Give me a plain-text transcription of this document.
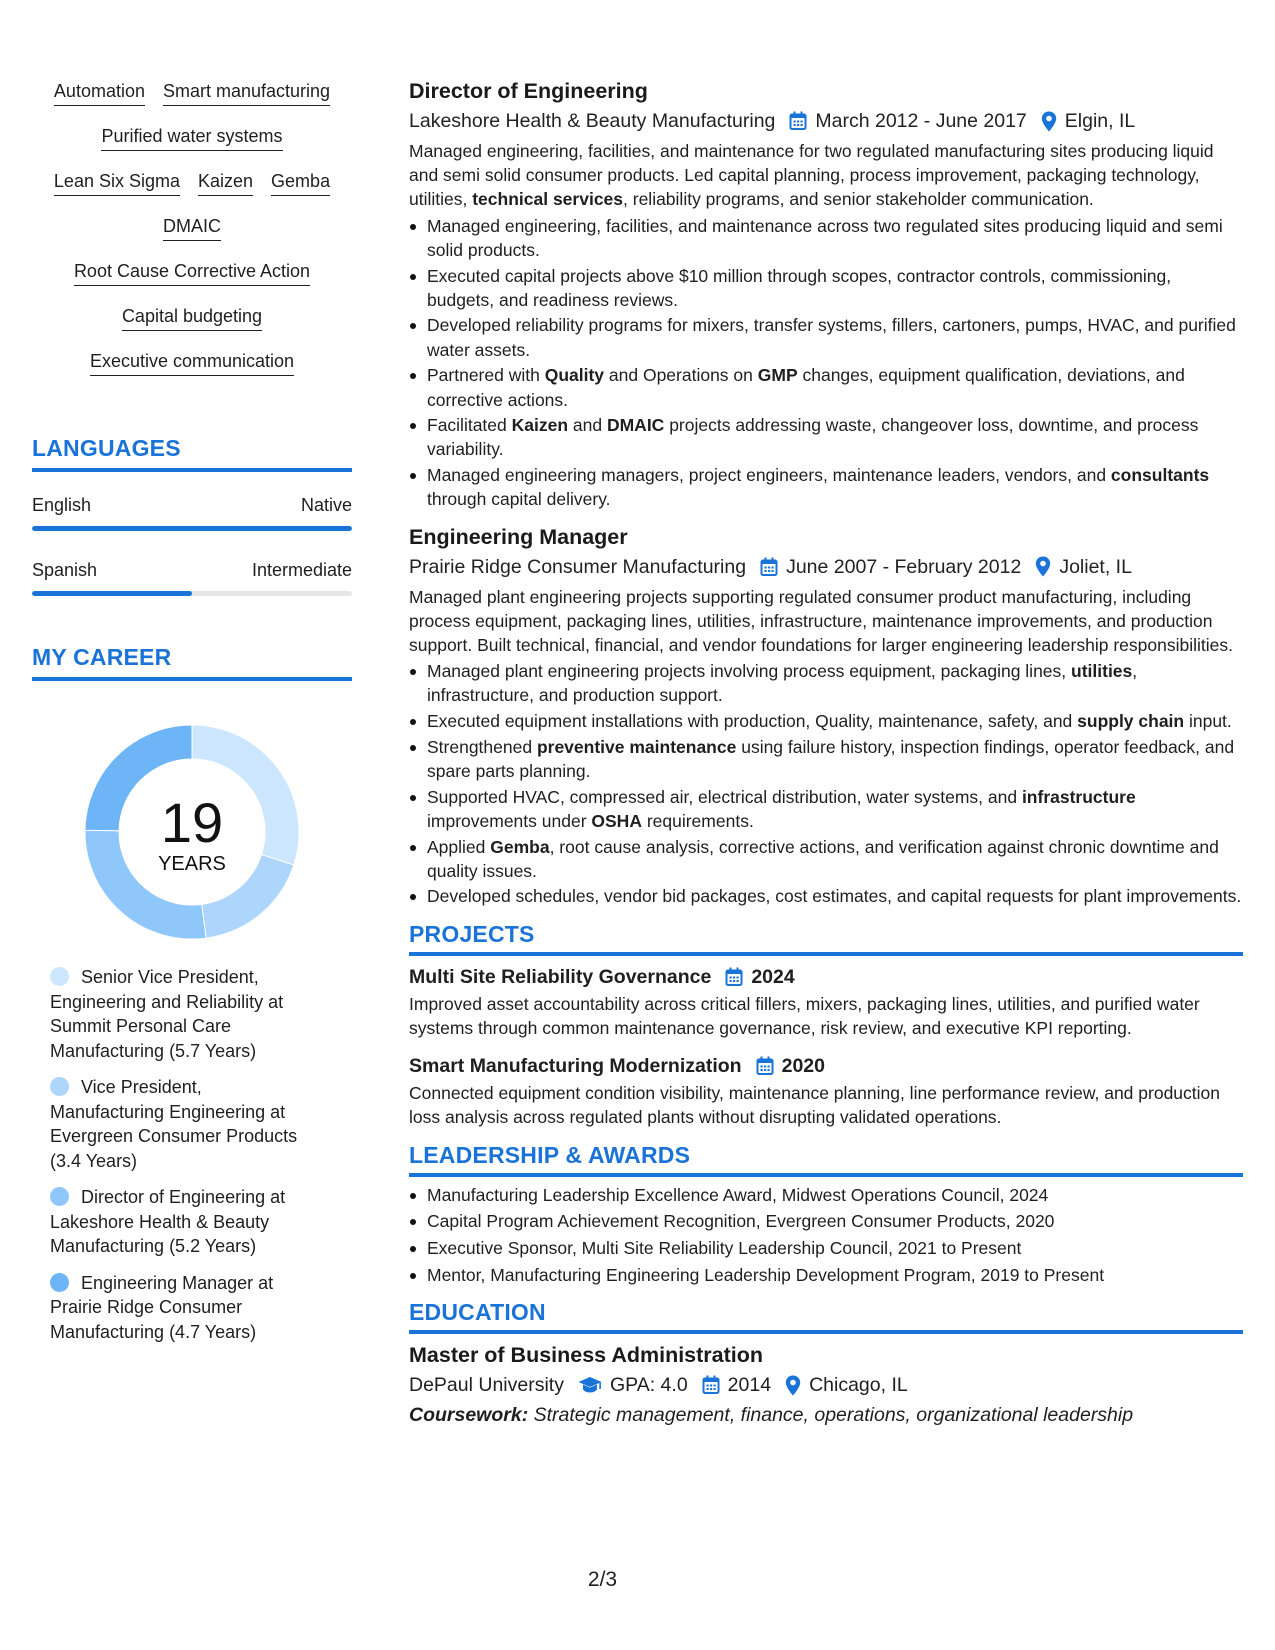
Automation Smart manufacturing
Purified water systems
Lean Six Sigma Kaizen Gemba
DMAIC
Root Cause Corrective Action
Capital budgeting
Executive communication
LANGUAGES
English	Native
Spanish	Intermediate
MY CAREER
19
YEARS
Senior Vice President, Engineering and Reliability at Summit Personal Care Manufacturing (5.7 Years)
Vice President, Manufacturing Engineering at Evergreen Consumer Products (3.4 Years)
Director of Engineering at Lakeshore Health & Beauty Manufacturing (5.2 Years)
Engineering Manager at Prairie Ridge Consumer Manufacturing (4.7 Years)
Director of Engineering
Lakeshore Health & Beauty Manufacturing March 2012 - June 2017 Elgin, IL
Managed engineering, facilities, and maintenance for two regulated manufacturing sites producing liquid and semi solid consumer products. Led capital planning, process improvement, packaging technology, utilities, technical services, reliability programs, and senior stakeholder communication.
Managed engineering, facilities, and maintenance across two regulated sites producing liquid and semi solid products.
Executed capital projects above $10 million through scopes, contractor controls, commissioning, budgets, and readiness reviews.
Developed reliability programs for mixers, transfer systems, fillers, cartoners, pumps, HVAC, and purified water assets.
Partnered with Quality and Operations on GMP changes, equipment qualification, deviations, and corrective actions.
Facilitated Kaizen and DMAIC projects addressing waste, changeover loss, downtime, and process variability.
Managed engineering managers, project engineers, maintenance leaders, vendors, and consultants through capital delivery.
Engineering Manager
Prairie Ridge Consumer Manufacturing June 2007 - February 2012 Joliet, IL
Managed plant engineering projects supporting regulated consumer product manufacturing, including process equipment, packaging lines, utilities, infrastructure, maintenance improvements, and production support. Built technical, financial, and vendor foundations for larger engineering leadership responsibilities.
Managed plant engineering projects involving process equipment, packaging lines, utilities, infrastructure, and production support.
Executed equipment installations with production, Quality, maintenance, safety, and supply chain input.
Strengthened preventive maintenance using failure history, inspection findings, operator feedback, and spare parts planning.
Supported HVAC, compressed air, electrical distribution, water systems, and infrastructure improvements under OSHA requirements.
Applied Gemba, root cause analysis, corrective actions, and verification against chronic downtime and quality issues.
Developed schedules, vendor bid packages, cost estimates, and capital requests for plant improvements.
PROJECTS
Multi Site Reliability Governance 2024
Improved asset accountability across critical fillers, mixers, packaging lines, utilities, and purified water systems through common maintenance governance, risk review, and executive KPI reporting.
Smart Manufacturing Modernization 2020
Connected equipment condition visibility, maintenance planning, line performance review, and production loss analysis across regulated plants without disrupting validated operations.
LEADERSHIP & AWARDS
Manufacturing Leadership Excellence Award, Midwest Operations Council, 2024
Capital Program Achievement Recognition, Evergreen Consumer Products, 2020
Executive Sponsor, Multi Site Reliability Leadership Council, 2021 to Present
Mentor, Manufacturing Engineering Leadership Development Program, 2019 to Present
EDUCATION
Master of Business Administration
DePaul University GPA: 4.0 2014 Chicago, IL
Coursework: Strategic management, finance, operations, organizational leadership
2/3
